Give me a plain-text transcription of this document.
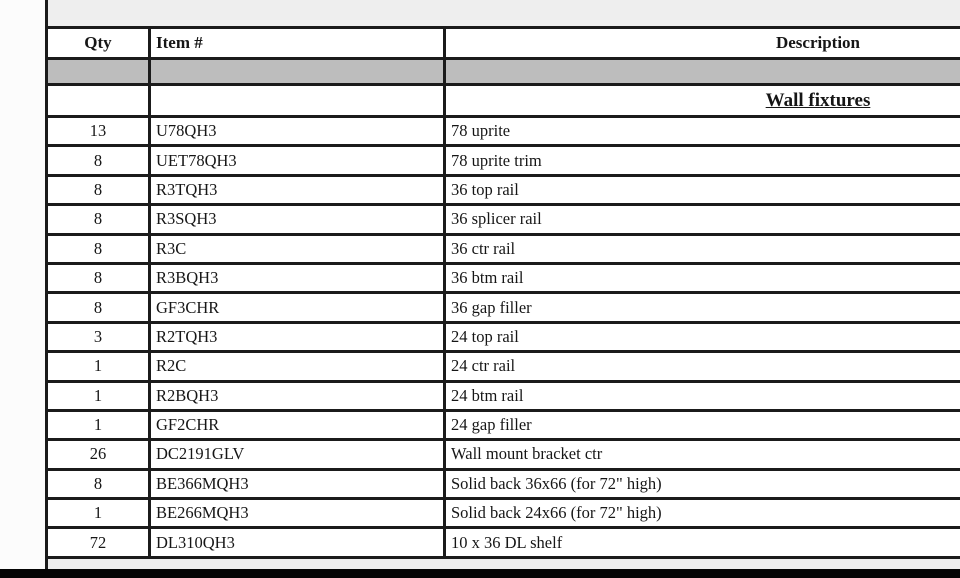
Qty	Item #	Description

		Wall fixtures
13	U78QH3	78 uprite
8	UET78QH3	78 uprite trim
8	R3TQH3	36 top rail
8	R3SQH3	36 splicer rail
8	R3C	36 ctr rail
8	R3BQH3	36 btm rail
8	GF3CHR	36 gap filler
3	R2TQH3	24 top rail
1	R2C	24 ctr rail
1	R2BQH3	24 btm rail
1	GF2CHR	24 gap filler
26	DC2191GLV	Wall mount bracket ctr
8	BE366MQH3	Solid back 36x66 (for 72" high)
1	BE266MQH3	Solid back 24x66 (for 72" high)
72	DL310QH3	10 x 36 DL shelf
